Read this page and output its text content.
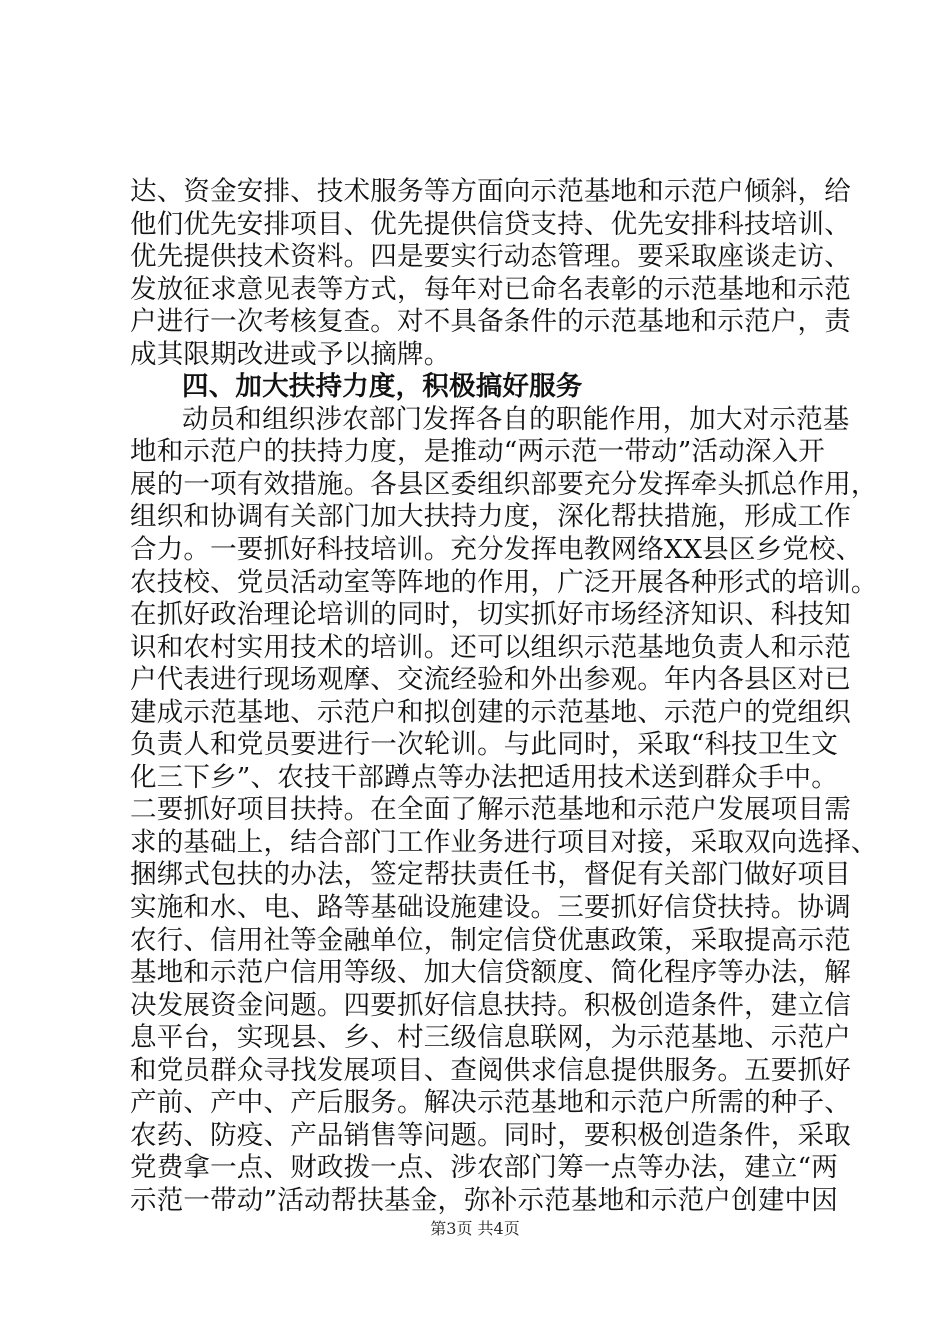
达、资金安排、技术服务等方面向示范基地和示范户倾斜，给
他们优先安排项目、优先提供信贷支持、优先安排科技培训、
优先提供技术资料。四是要实行动态管理。要采取座谈走访、
发放征求意见表等方式，每年对已命名表彰的示范基地和示范
户进行一次考核复查。对不具备条件的示范基地和示范户，责
成其限期改进或予以摘牌。
四、加大扶持力度，积极搞好服务
动员和组织涉农部门发挥各自的职能作用，加大对示范基
地和示范户的扶持力度，是推动“两示范一带动”活动深入开
展的一项有效措施。各县区委组织部要充分发挥牵头抓总作用，
组织和协调有关部门加大扶持力度，深化帮扶措施，形成工作
合力。一要抓好科技培训。充分发挥电教网络XX县区乡党校、
农技校、党员活动室等阵地的作用，广泛开展各种形式的培训。
在抓好政治理论培训的同时，切实抓好市场经济知识、科技知
识和农村实用技术的培训。还可以组织示范基地负责人和示范
户代表进行现场观摩、交流经验和外出参观。年内各县区对已
建成示范基地、示范户和拟创建的示范基地、示范户的党组织
负责人和党员要进行一次轮训。与此同时，采取“科技卫生文
化三下乡”、农技干部蹲点等办法把适用技术送到群众手中。
二要抓好项目扶持。在全面了解示范基地和示范户发展项目需
求的基础上，结合部门工作业务进行项目对接，采取双向选择、
捆绑式包扶的办法，签定帮扶责任书，督促有关部门做好项目
实施和水、电、路等基础设施建设。三要抓好信贷扶持。协调
农行、信用社等金融单位，制定信贷优惠政策，采取提高示范
基地和示范户信用等级、加大信贷额度、简化程序等办法，解
决发展资金问题。四要抓好信息扶持。积极创造条件，建立信
息平台，实现县、乡、村三级信息联网，为示范基地、示范户
和党员群众寻找发展项目、查阅供求信息提供服务。五要抓好
产前、产中、产后服务。解决示范基地和示范户所需的种子、
农药、防疫、产品销售等问题。同时，要积极创造条件，采取
党费拿一点、财政拨一点、涉农部门筹一点等办法，建立“两
示范一带动”活动帮扶基金，弥补示范基地和示范户创建中因
第3页 共4页
